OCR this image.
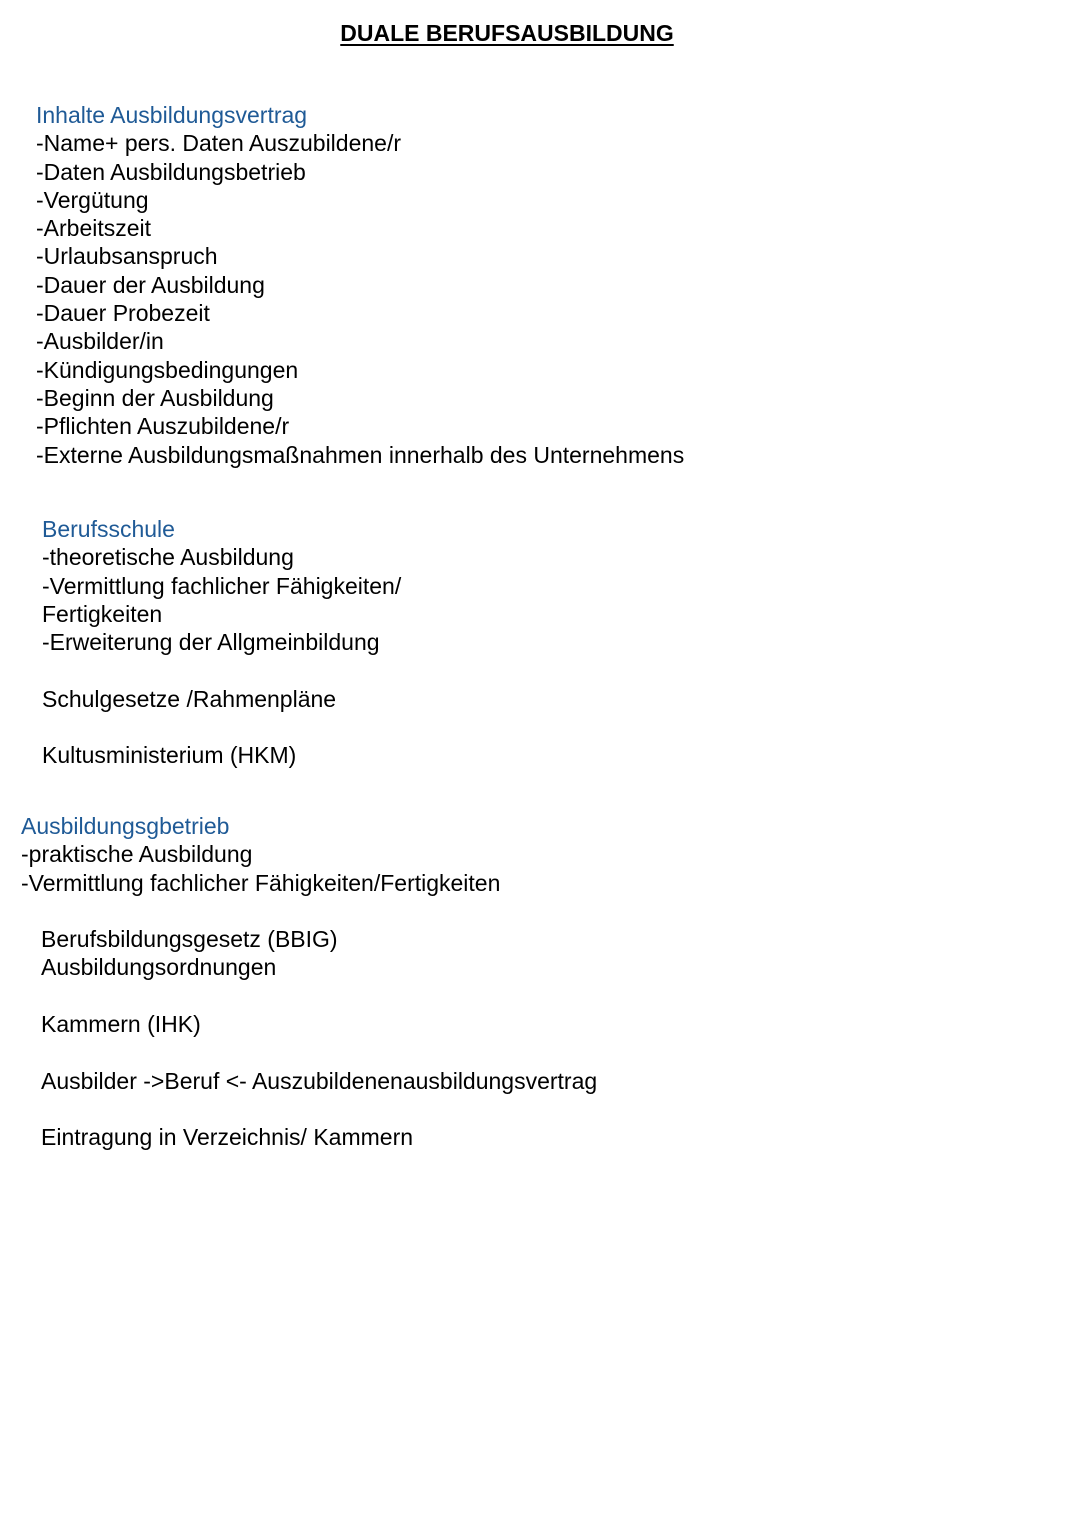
DUALE BERUFSAUSBILDUNG
Inhalte Ausbildungsvertrag
-Name+ pers. Daten Auszubildene/r
-Daten Ausbildungsbetrieb
-Vergütung
-Arbeitszeit
-Urlaubsanspruch
-Dauer der Ausbildung
-Dauer Probezeit
-Ausbilder/in
-Kündigungsbedingungen
-Beginn der Ausbildung
-Pflichten Auszubildene/r
-Externe Ausbildungsmaßnahmen innerhalb des Unternehmens
Berufsschule
-theoretische Ausbildung
-Vermittlung fachlicher Fähigkeiten/
Fertigkeiten
-Erweiterung der Allgmeinbildung
Schulgesetze /Rahmenpläne
Kultusministerium (HKM)
Ausbildungsgbetrieb
-praktische Ausbildung
-Vermittlung fachlicher Fähigkeiten/Fertigkeiten
Berufsbildungsgesetz (BBIG)
Ausbildungsordnungen
Kammern (IHK)
Ausbilder ->Beruf <- Auszubildenenausbildungsvertrag
Eintragung in Verzeichnis/ Kammern
